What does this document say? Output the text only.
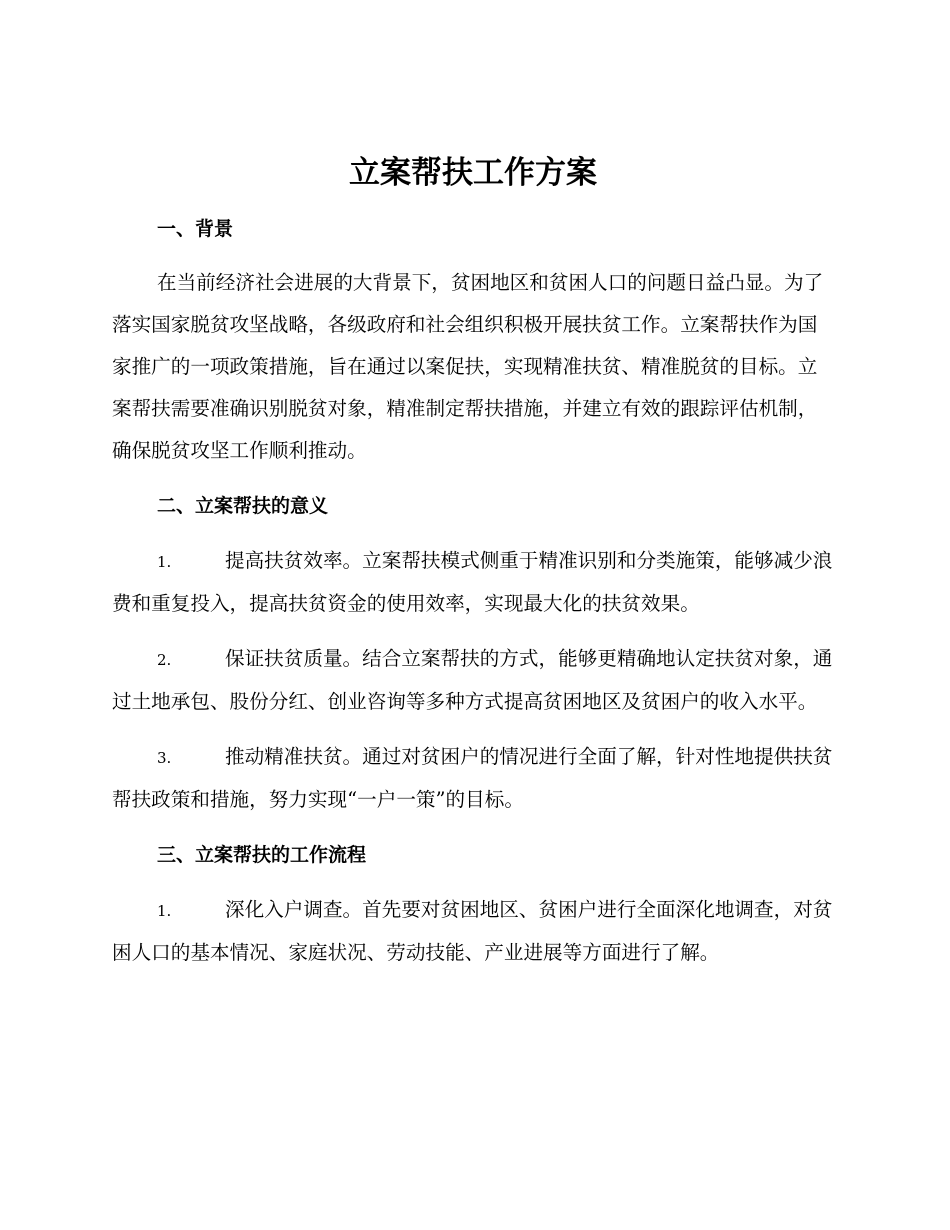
立案帮扶工作方案
一、背景

在当前经济社会进展的大背景下，贫困地区和贫困人口的问题日益凸显。为了落实国家脱贫攻坚战略，各级政府和社会组织积极开展扶贫工作。立案帮扶作为国家推广的一项政策措施，旨在通过以案促扶，实现精准扶贫、精准脱贫的目标。立案帮扶需要准确识别脱贫对象，精准制定帮扶措施，并建立有效的跟踪评估机制，确保脱贫攻坚工作顺利推动。

二、立案帮扶的意义

1.	提高扶贫效率。立案帮扶模式侧重于精准识别和分类施策，能够减少浪费和重复投入，提高扶贫资金的使用效率，实现最大化的扶贫效果。

2.	保证扶贫质量。结合立案帮扶的方式，能够更精确地认定扶贫对象，通过土地承包、股份分红、创业咨询等多种方式提高贫困地区及贫困户的收入水平。

3.	推动精准扶贫。通过对贫困户的情况进行全面了解，针对性地提供扶贫帮扶政策和措施，努力实现“一户一策”的目标。

三、立案帮扶的工作流程

1.	深化入户调查。首先要对贫困地区、贫困户进行全面深化地调查，对贫困人口的基本情况、家庭状况、劳动技能、产业进展等方面进行了解。
